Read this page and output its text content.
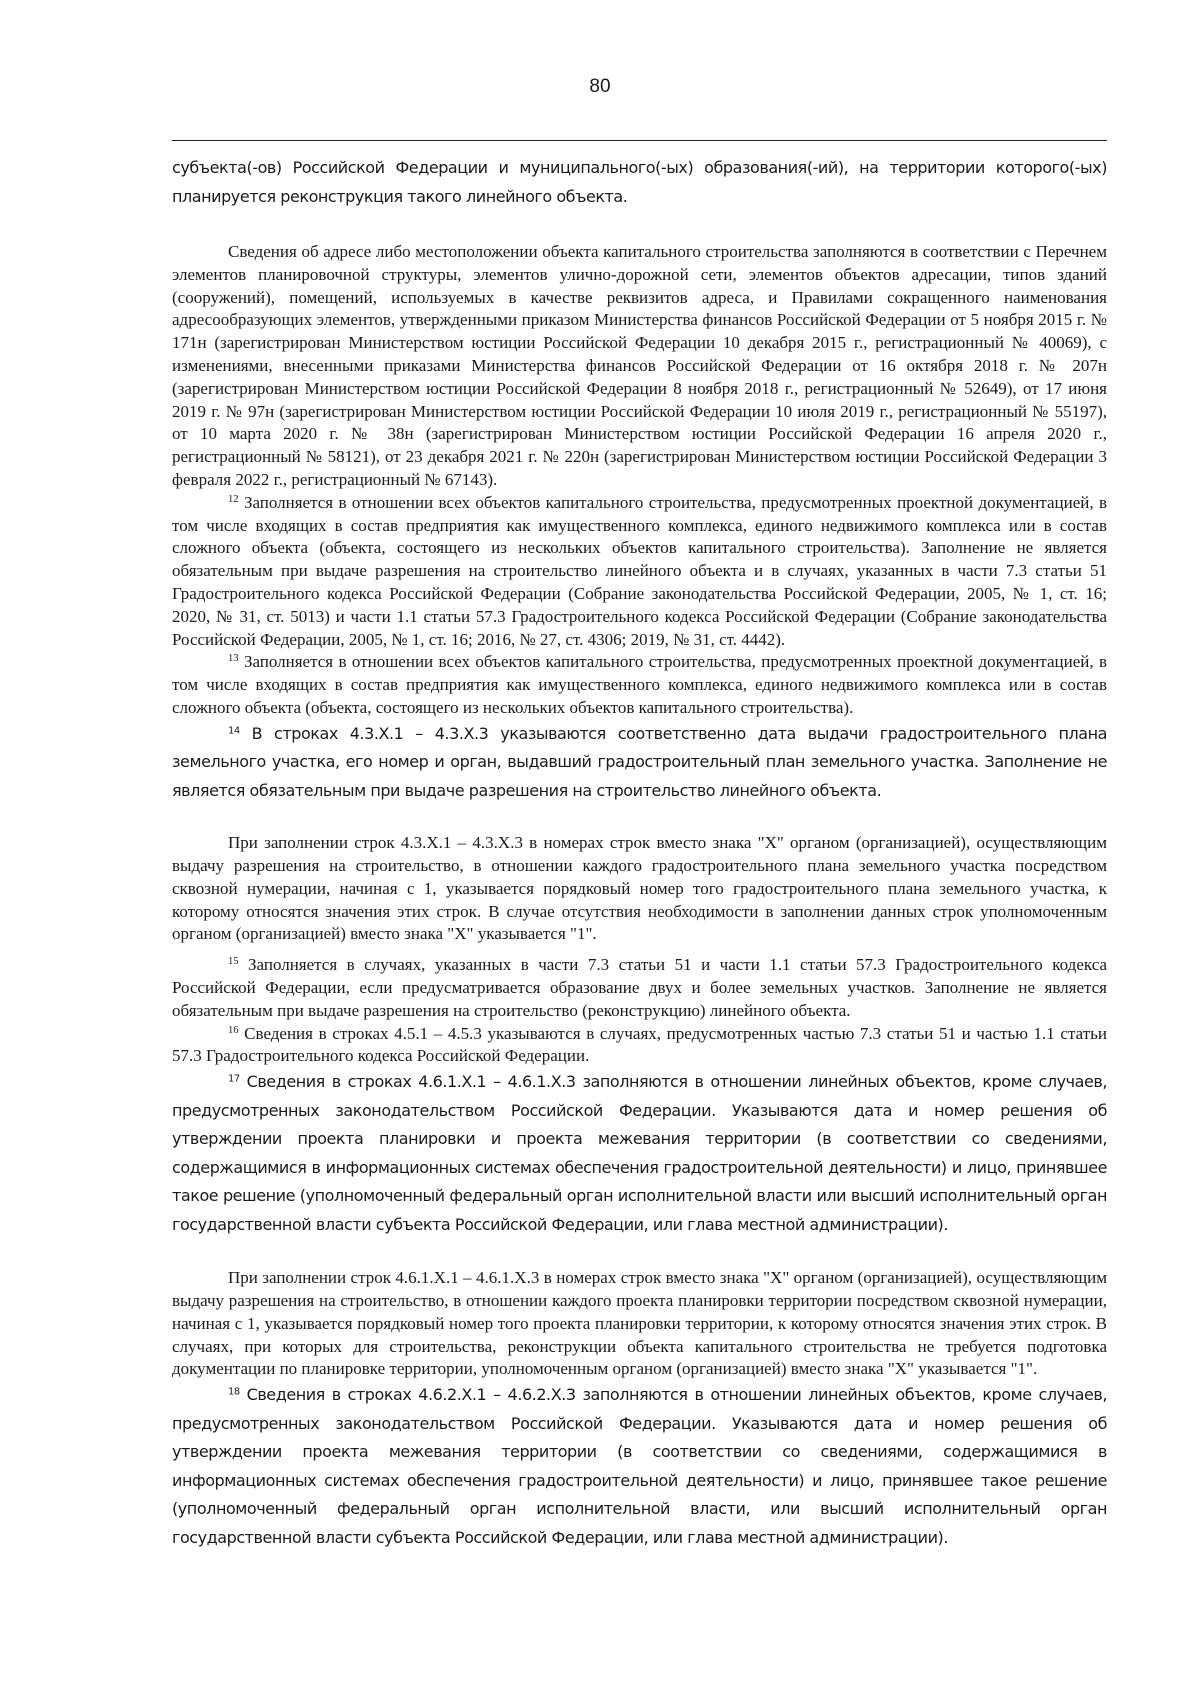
80

субъекта(-ов) Российской Федерации и муниципального(-ых) образования(-ий), на территории которого(-ых) планируется реконструкция такого линейного объекта.

Сведения об адресе либо местоположении объекта капитального строительства заполняются в соответствии с Перечнем элементов планировочной структуры, элементов улично-дорожной сети, элементов объектов адресации, типов зданий (сооружений), помещений, используемых в качестве реквизитов адреса, и Правилами сокращенного наименования адресообразующих элементов, утвержденными приказом Министерства финансов Российской Федерации от 5 ноября 2015 г. № 171н (зарегистрирован Министерством юстиции Российской Федерации 10 декабря 2015 г., регистрационный № 40069), с изменениями, внесенными приказами Министерства финансов Российской Федерации от 16 октября 2018 г. № 207н (зарегистрирован Министерством юстиции Российской Федерации 8 ноября 2018 г., регистрационный № 52649), от 17 июня 2019 г. № 97н (зарегистрирован Министерством юстиции Российской Федерации 10 июля 2019 г., регистрационный № 55197), от 10 марта 2020 г. № 38н (зарегистрирован Министерством юстиции Российской Федерации 16 апреля 2020 г., регистрационный № 58121), от 23 декабря 2021 г. № 220н (зарегистрирован Министерством юстиции Российской Федерации 3 февраля 2022 г., регистрационный № 67143).

$^{12}$ Заполняется в отношении всех объектов капитального строительства, предусмотренных проектной документацией, в том числе входящих в состав предприятия как имущественного комплекса, единого недвижимого комплекса или в состав сложного объекта (объекта, состоящего из нескольких объектов капитального строительства). Заполнение не является обязательным при выдаче разрешения на строительство линейного объекта и в случаях, указанных в части 7.3 статьи 51 Градостроительного кодекса Российской Федерации (Собрание законодательства Российской Федерации, 2005, № 1, ст. 16; 2020, № 31, ст. 5013) и части 1.1 статьи 57.3 Градостроительного кодекса Российской Федерации (Собрание законодательства Российской Федерации, 2005, № 1, ст. 16; 2016, № 27, ст. 4306; 2019, № 31, ст. 4442).

$^{13}$ Заполняется в отношении всех объектов капитального строительства, предусмотренных проектной документацией, в том числе входящих в состав предприятия как имущественного комплекса, единого недвижимого комплекса или в состав сложного объекта (объекта, состоящего из нескольких объектов капитального строительства).

$^{14}$ В строках 4.3.Х.1 – 4.3.Х.3 указываются соответственно дата выдачи градостроительного плана земельного участка, его номер и орган, выдавший градостроительный план земельного участка. Заполнение не является обязательным при выдаче разрешения на строительство линейного объекта.

При заполнении строк 4.3.Х.1 – 4.3.Х.3 в номерах строк вместо знака "Х" органом (организацией), осуществляющим выдачу разрешения на строительство, в отношении каждого градостроительного плана земельного участка посредством сквозной нумерации, начиная с 1, указывается порядковый номер того градостроительного плана земельного участка, к которому относятся значения этих строк. В случае отсутствия необходимости в заполнении данных строк уполномоченным органом (организацией) вместо знака "Х" указывается "1".

$^{15}$ Заполняется в случаях, указанных в части 7.3 статьи 51 и части 1.1 статьи 57.3 Градостроительного кодекса Российской Федерации, если предусматривается образование двух и более земельных участков. Заполнение не является обязательным при выдаче разрешения на строительство (реконструкцию) линейного объекта.

$^{16}$ Сведения в строках 4.5.1 – 4.5.3 указываются в случаях, предусмотренных частью 7.3 статьи 51 и частью 1.1 статьи 57.3 Градостроительного кодекса Российской Федерации.

$^{17}$ Сведения в строках 4.6.1.Х.1 – 4.6.1.Х.3 заполняются в отношении линейных объектов, кроме случаев, предусмотренных законодательством Российской Федерации. Указываются дата и номер решения об утверждении проекта планировки и проекта межевания территории (в соответствии со сведениями, содержащимися в информационных системах обеспечения градостроительной деятельности) и лицо, принявшее такое решение (уполномоченный федеральный орган исполнительной власти или высший исполнительный орган государственной власти субъекта Российской Федерации, или глава местной администрации).

При заполнении строк 4.6.1.Х.1 – 4.6.1.Х.3 в номерах строк вместо знака "Х" органом (организацией), осуществляющим выдачу разрешения на строительство, в отношении каждого проекта планировки территории посредством сквозной нумерации, начиная с 1, указывается порядковый номер того проекта планировки территории, к которому относятся значения этих строк. В случаях, при которых для строительства, реконструкции объекта капитального строительства не требуется подготовка документации по планировке территории, уполномоченным органом (организацией) вместо знака "Х" указывается "1".

$^{18}$ Сведения в строках 4.6.2.Х.1 – 4.6.2.Х.3 заполняются в отношении линейных объектов, кроме случаев, предусмотренных законодательством Российской Федерации. Указываются дата и номер решения об утверждении проекта межевания территории (в соответствии со сведениями, содержащимися в информационных системах обеспечения градостроительной деятельности) и лицо, принявшее такое решение (уполномоченный федеральный орган исполнительной власти, или высший исполнительный орган государственной власти субъекта Российской Федерации, или глава местной администрации).
